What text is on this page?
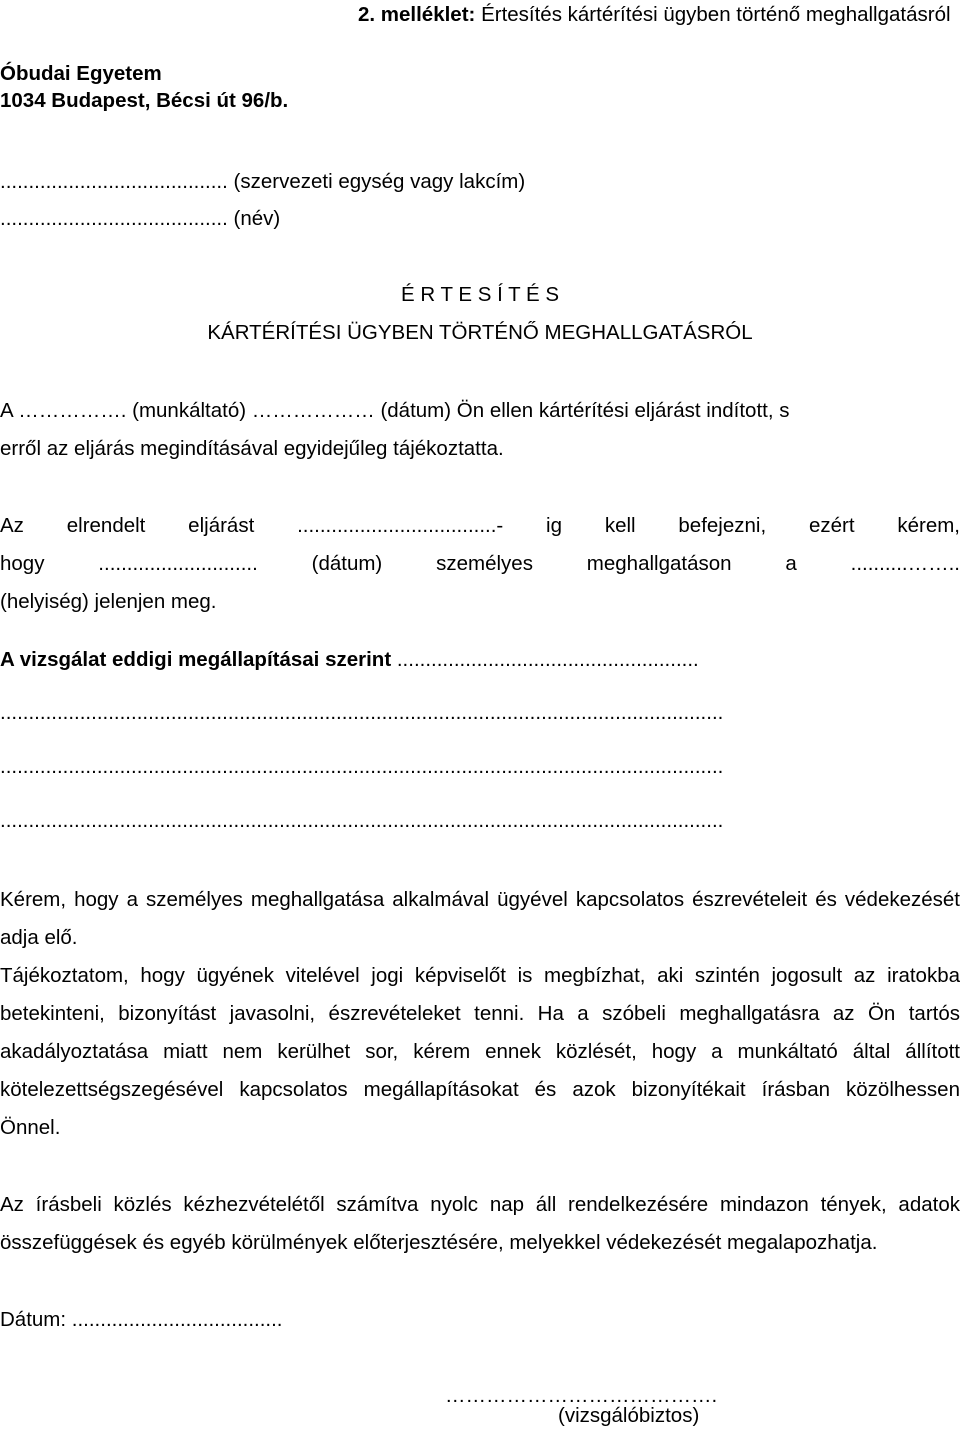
2. melléklet: Értesítés kártérítési ügyben történő meghallgatásról
Óbudai Egyetem
1034 Budapest, Bécsi út 96/b.
........................................ (szervezeti egység vagy lakcím)
........................................ (név)
É R T E S Í T É S
KÁRTÉRÍTÉSI ÜGYBEN TÖRTÉNŐ MEGHALLGATÁSRÓL
A ……………. (munkáltató) ……………… (dátum) Ön ellen kártérítési eljárást indított, s
erről az eljárás megindításával egyidejűleg tájékoztatta.
Az elrendelt eljárást ...................................- ig kell befejezni, ezért kérem,
hogy ............................ (dátum) személyes meghallgatáson a ..........……..
(helyiség) jelenjen meg.
A vizsgálat eddigi megállapításai szerint .....................................................
...............................................................................................................................
...............................................................................................................................
...............................................................................................................................
Kérem, hogy a személyes meghallgatása alkalmával ügyével kapcsolatos észrevételeit és védekezését
adja elő.
Tájékoztatom, hogy ügyének vitelével jogi képviselőt is megbízhat, aki szintén jogosult az iratokba
betekinteni, bizonyítást javasolni, észrevételeket tenni. Ha a szóbeli meghallgatásra az Ön tartós
akadályoztatása miatt nem kerülhet sor, kérem ennek közlését, hogy a munkáltató által állított
kötelezettségszegésével kapcsolatos megállapításokat és azok bizonyítékait írásban közölhessen
Önnel.
Az írásbeli közlés kézhezvételétől számítva nyolc nap áll rendelkezésére mindazon tények, adatok
összefüggések és egyéb körülmények előterjesztésére, melyekkel védekezését megalapozhatja.
Dátum: .....................................
………………………………….
(vizsgálóbiztos)
